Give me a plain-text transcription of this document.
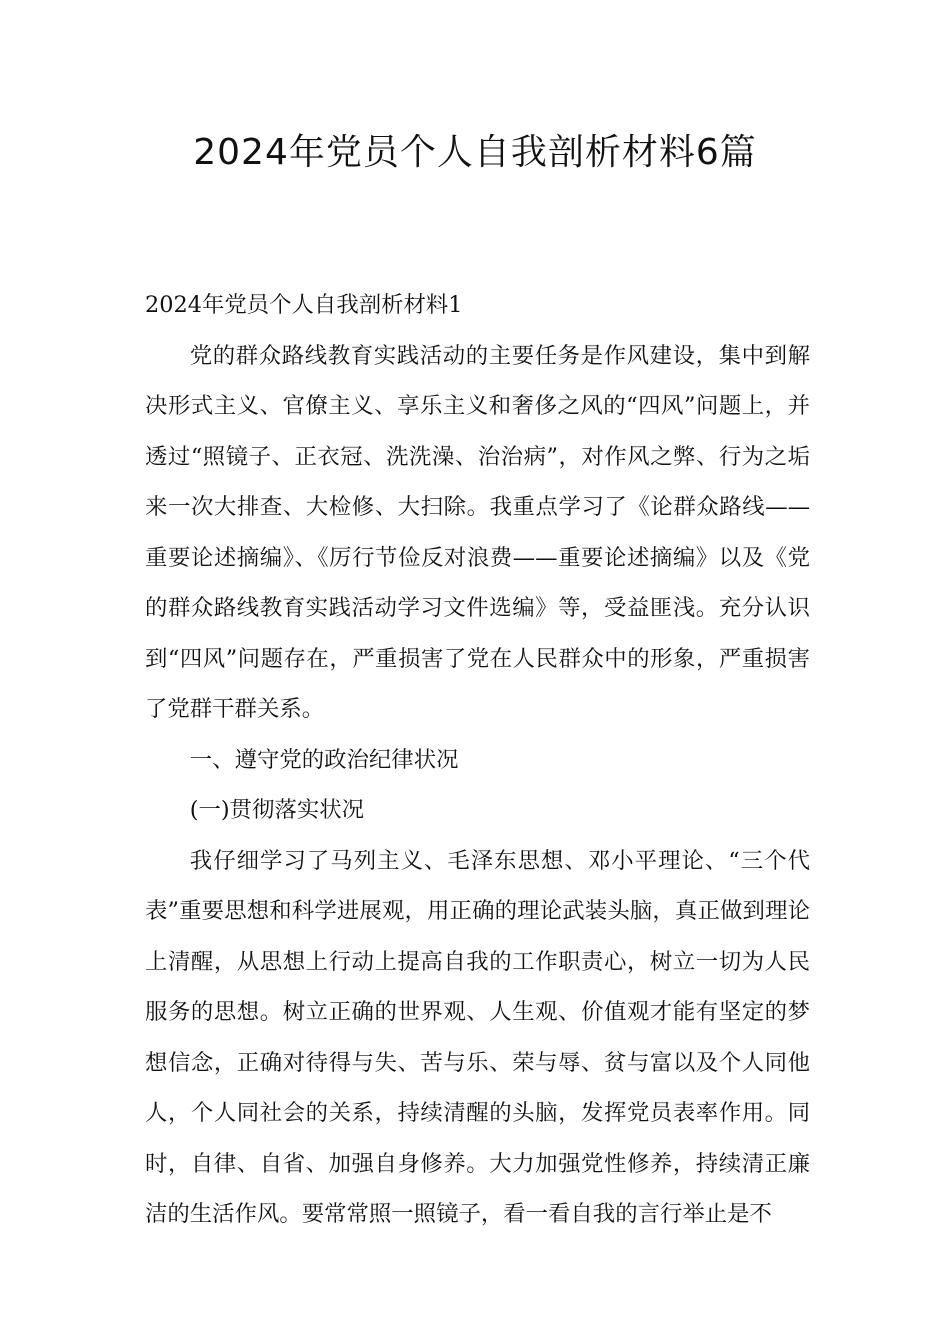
2024年党员个人自我剖析材料6篇

2024年党员个人自我剖析材料1

党的群众路线教育实践活动的主要任务是作风建设，集中到解决形式主义、官僚主义、享乐主义和奢侈之风的“四风”问题上，并透过“照镜子、正衣冠、洗洗澡、治治病”，对作风之弊、行为之垢来一次大排查、大检修、大扫除。我重点学习了《论群众路线——重要论述摘编》、《厉行节俭反对浪费——重要论述摘编》以及《党的群众路线教育实践活动学习文件选编》等，受益匪浅。充分认识到“四风”问题存在，严重损害了党在人民群众中的形象，严重损害了党群干群关系。

一、遵守党的政治纪律状况

(一)贯彻落实状况

我仔细学习了马列主义、毛泽东思想、邓小平理论、“三个代表”重要思想和科学进展观，用正确的理论武装头脑，真正做到理论上清醒，从思想上行动上提高自我的工作职责心，树立一切为人民服务的思想。树立正确的世界观、人生观、价值观才能有坚定的梦想信念，正确对待得与失、苦与乐、荣与辱、贫与富以及个人同他人，个人同社会的关系，持续清醒的头脑，发挥党员表率作用。同时，自律、自省、加强自身修养。大力加强党性修养，持续清正廉洁的生活作风。要常常照一照镜子，看一看自我的言行举止是不
